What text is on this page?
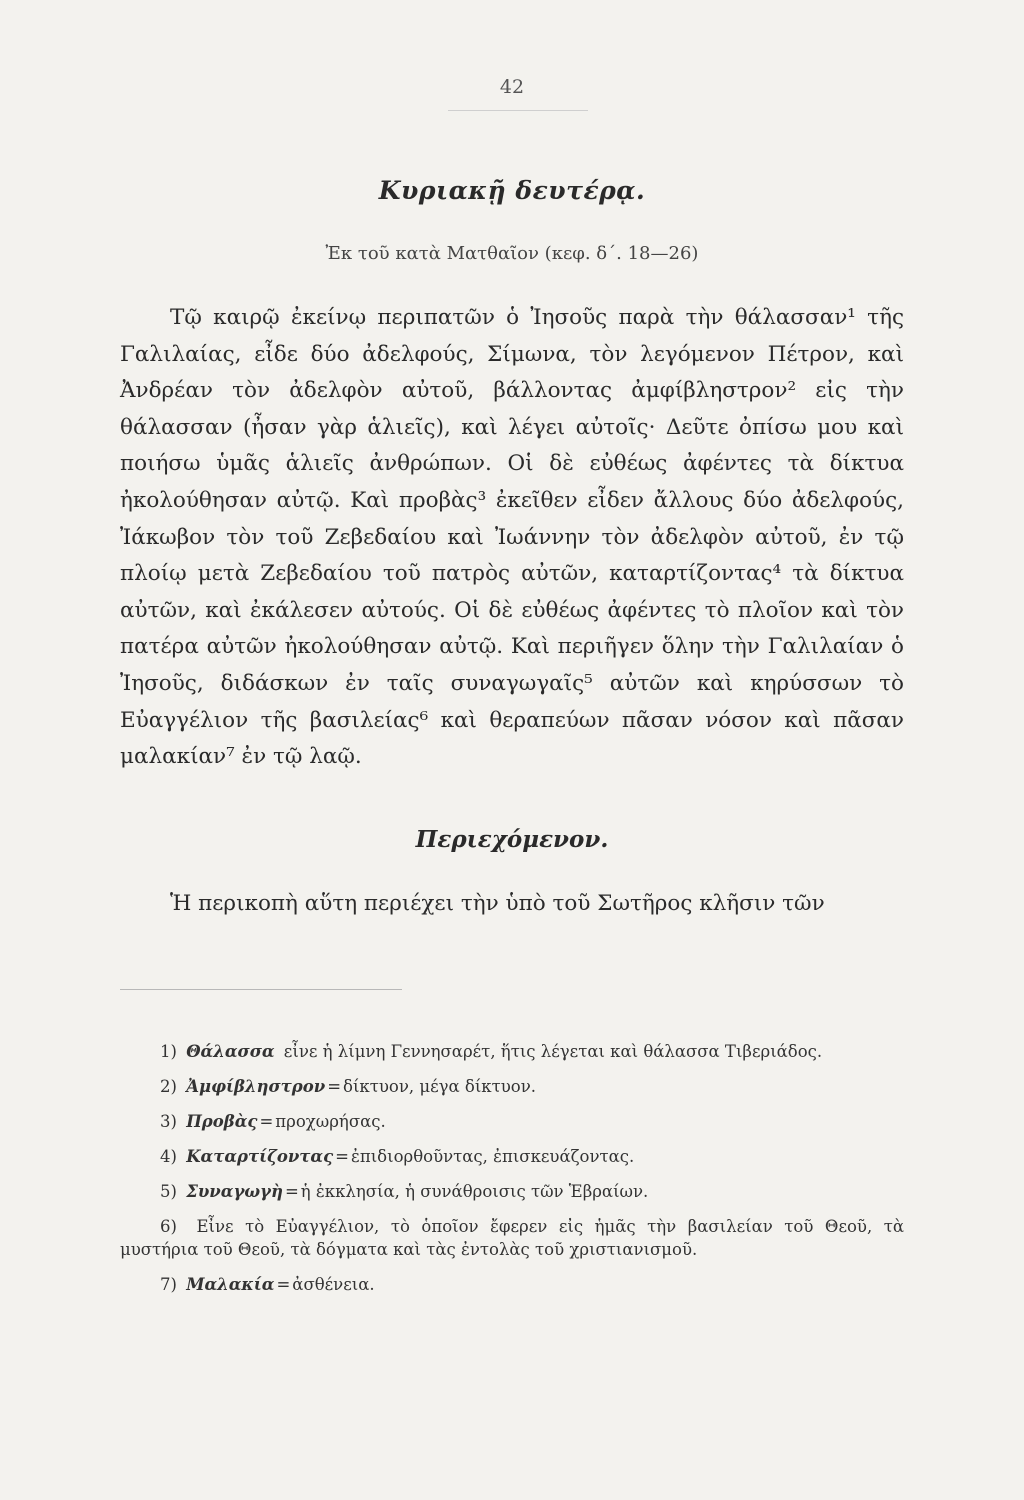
42
Κυριακῇ δευτέρᾳ.
Ἐκ τοῦ κατὰ Ματθαῖον (κεφ. δ΄. 18—26)

Τῷ καιρῷ ἐκείνῳ περιπατῶν ὁ Ἰησοῦς παρὰ τὴν θάλασσαν¹ τῆς Γαλιλαίας, εἶδε δύο ἀδελφούς, Σίμωνα, τὸν λεγόμενον Πέτρον, καὶ Ἀνδρέαν τὸν ἀδελφὸν αὐτοῦ, βάλλοντας ἀμφίβληστρον² εἰς τὴν θάλασσαν (ἦσαν γὰρ ἁλιεῖς), καὶ λέγει αὐτοῖς· Δεῦτε ὀπίσω μου καὶ ποιήσω ὑμᾶς ἁλιεῖς ἀνθρώπων. Οἱ δὲ εὐθέως ἀφέντες τὰ δίκτυα ἠκολούθησαν αὐτῷ. Καὶ προβὰς³ ἐκεῖθεν εἶδεν ἄλλους δύο ἀδελφούς, Ἰάκωβον τὸν τοῦ Ζεβεδαίου καὶ Ἰωάννην τὸν ἀδελφὸν αὐτοῦ, ἐν τῷ πλοίῳ μετὰ Ζεβεδαίου τοῦ πατρὸς αὐτῶν, καταρτίζοντας⁴ τὰ δίκτυα αὐτῶν, καὶ ἐκάλεσεν αὐτούς. Οἱ δὲ εὐθέως ἀφέντες τὸ πλοῖον καὶ τὸν πατέρα αὐτῶν ἠκολούθησαν αὐτῷ. Καὶ περιῆγεν ὅλην τὴν Γαλιλαίαν ὁ Ἰησοῦς, διδάσκων ἐν ταῖς συναγωγαῖς⁵ αὐτῶν καὶ κηρύσσων τὸ Εὐαγγέλιον τῆς βασιλείας⁶ καὶ θεραπεύων πᾶσαν νόσον καὶ πᾶσαν μαλακίαν⁷ ἐν τῷ λαῷ.

Περιεχόμενον.

Ἡ περικοπὴ αὕτη περιέχει τὴν ὑπὸ τοῦ Σωτῆρος κλῆσιν τῶν

1) Θάλασσα εἶνε ἡ λίμνη Γεννησαρέτ, ἥτις λέγεται καὶ θάλασσα Τιβεριάδος.

2) Ἀμφίβληστρον = δίκτυον, μέγα δίκτυον.

3) Προβὰς = προχωρήσας.

4) Καταρτίζοντας = ἐπιδιορθοῦντας, ἐπισκευάζοντας.

5) Συναγωγὴ = ἡ ἐκκλησία, ἡ συνάθροισις τῶν Ἑβραίων.

6) Εἶνε τὸ Εὐαγγέλιον, τὸ ὁποῖον ἔφερεν εἰς ἡμᾶς τὴν βασιλείαν τοῦ Θεοῦ, τὰ μυστήρια τοῦ Θεοῦ, τὰ δόγματα καὶ τὰς ἐντολὰς τοῦ χριστιανισμοῦ.

7) Μαλακία = ἀσθένεια.
